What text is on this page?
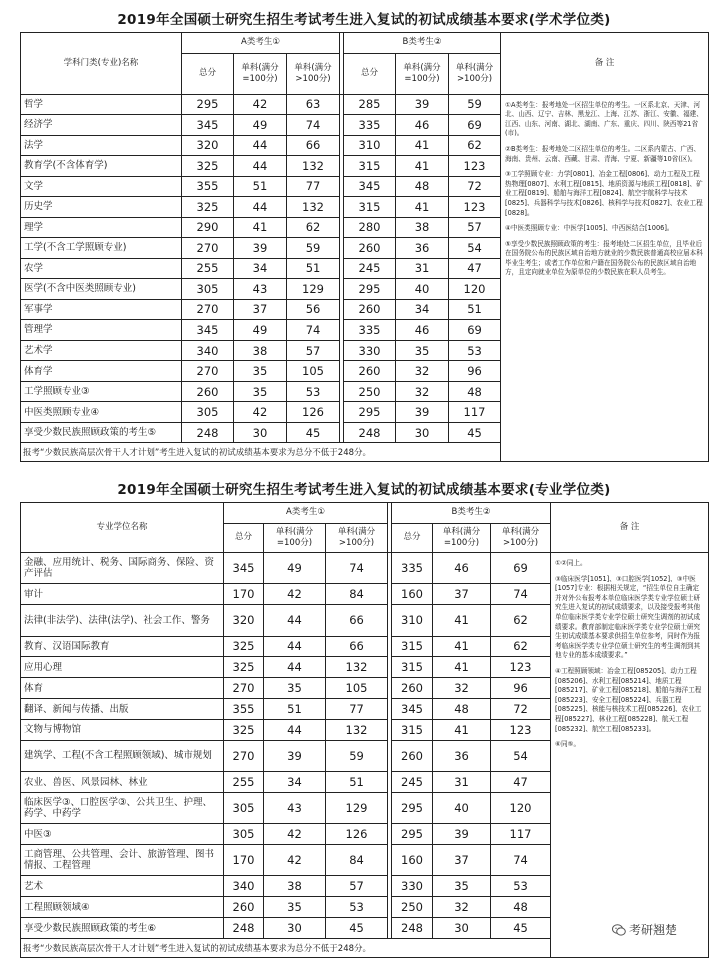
2019年全国硕士研究生招生考试考生进入复试的初试成绩基本要求(学术学位类)
学科门类(专业)名称	A类考生①				B类考生②			备 注
	总分	单科(满分=100分)	单科(满分>100分)		总分	单科(满分=100分)	单科(满分>100分)	
哲学	295	42	63		285	39	59	①A类考生：报考地处一区招生单位的考生。一区系北京、天津、河北、山西、辽宁、吉林、黑龙江、上海、江苏、浙江、安徽、福建、江西、山东、河南、湖北、湖南、广东、重庆、四川、陕西等21省(市)。

②B类考生：报考地处二区招生单位的考生。二区系内蒙古、广西、海南、贵州、云南、西藏、甘肃、青海、宁夏、新疆等10省(区)。

③工学照顾专业：力学[0801]、冶金工程[0806]、动力工程及工程热物理[0807]、水利工程[0815]、地质资源与地质工程[0818]、矿业工程[0819]、船舶与海洋工程[0824]、航空宇航科学与技术[0825]、兵器科学与技术[0826]、核科学与技术[0827]、农业工程[0828]。

④中医类照顾专业：中医学[1005]、中西医结合[1006]。

⑤享受少数民族照顾政策的考生：报考地处二区招生单位，且毕业后在国务院公布的民族区域自治地方就业的少数民族普通高校应届本科毕业生考生；或者工作单位和户籍在国务院公布的民族区域自治地方，且定向就业单位为原单位的少数民族在职人员考生。

经济学	345	49	74		335	46	69	
法学	320	44	66		310	41	62	
教育学(不含体育学)	325	44	132		315	41	123	
文学	355	51	77		345	48	72	
历史学	325	44	132		315	41	123	
理学	290	41	62		280	38	57	
工学(不含工学照顾专业)	270	39	59		260	36	54	
农学	255	34	51		245	31	47	
医学(不含中医类照顾专业)	305	43	129		295	40	120	
军事学	270	37	56		260	34	51	
管理学	345	49	74		335	46	69	
艺术学	340	38	57		330	35	53	
体育学	270	35	105		260	32	96	
工学照顾专业③	260	35	53		250	32	48	
中医类照顾专业④	305	42	126		295	39	117	
享受少数民族照顾政策的考生⑤	248	30	45		248	30	45	
报考“少数民族高层次骨干人才计划”考生进入复试的初试成绩基本要求为总分不低于248分。								
2019年全国硕士研究生招生考试考生进入复试的初试成绩基本要求(专业学位类)
专业学位名称	A类考生①				B类考生②			备 注
	总分	单科(满分=100分)	单科(满分>100分)		总分	单科(满分=100分)	单科(满分>100分)	
金融、应用统计、税务、国际商务、保险、资产评估	345	49	74		335	46	69	①②同上。

③临床医学[1051]、③口腔医学[1052]、③中医[1057]专业：根据相关规定，“招生单位自主确定并对外公布报考本单位临床医学类专业学位硕士研究生进入复试的初试成绩要求，以及接受报考其他单位临床医学类专业学位硕士研究生调剂的初试成绩要求。教育部制定临床医学类专业学位硕士研究生初试成绩基本要求供招生单位参考，同时作为报考临床医学类专业学位硕士研究生的考生调剂到其他专业的基本成绩要求。”

④工程照顾领域：冶金工程[085205]、动力工程[085206]、水利工程[085214]、地质工程[085217]、矿业工程[085218]、船舶与海洋工程[085223]、安全工程[085224]、兵器工程[085225]、核能与核技术工程[085226]、农业工程[085227]、林业工程[085228]、航天工程[085232]、航空工程[085233]。

⑥同⑤。

审计	170	42	84		160	37	74	
法律(非法学)、法律(法学)、社会工作、警务	320	44	66		310	41	62	
教育、汉语国际教育	325	44	66		315	41	62	
应用心理	325	44	132		315	41	123	
体育	270	35	105		260	32	96	
翻译、新闻与传播、出版	355	51	77		345	48	72	
文物与博物馆	325	44	132		315	41	123	
建筑学、工程(不含工程照顾领域)、城市规划	270	39	59		260	36	54	
农业、兽医、风景园林、林业	255	34	51		245	31	47	
临床医学③、口腔医学③、公共卫生、护理、药学、中药学	305	43	129		295	40	120	
中医③	305	42	126		295	39	117	
工商管理、公共管理、会计、旅游管理、图书情报、工程管理	170	42	84		160	37	74	
艺术	340	38	57		330	35	53	
工程照顾领域④	260	35	53		250	32	48	
享受少数民族照顾政策的考生⑥	248	30	45		248	30	45	
报考“少数民族高层次骨干人才计划”考生进入复试的初试成绩基本要求为总分不低于248分。								
考研翘楚
